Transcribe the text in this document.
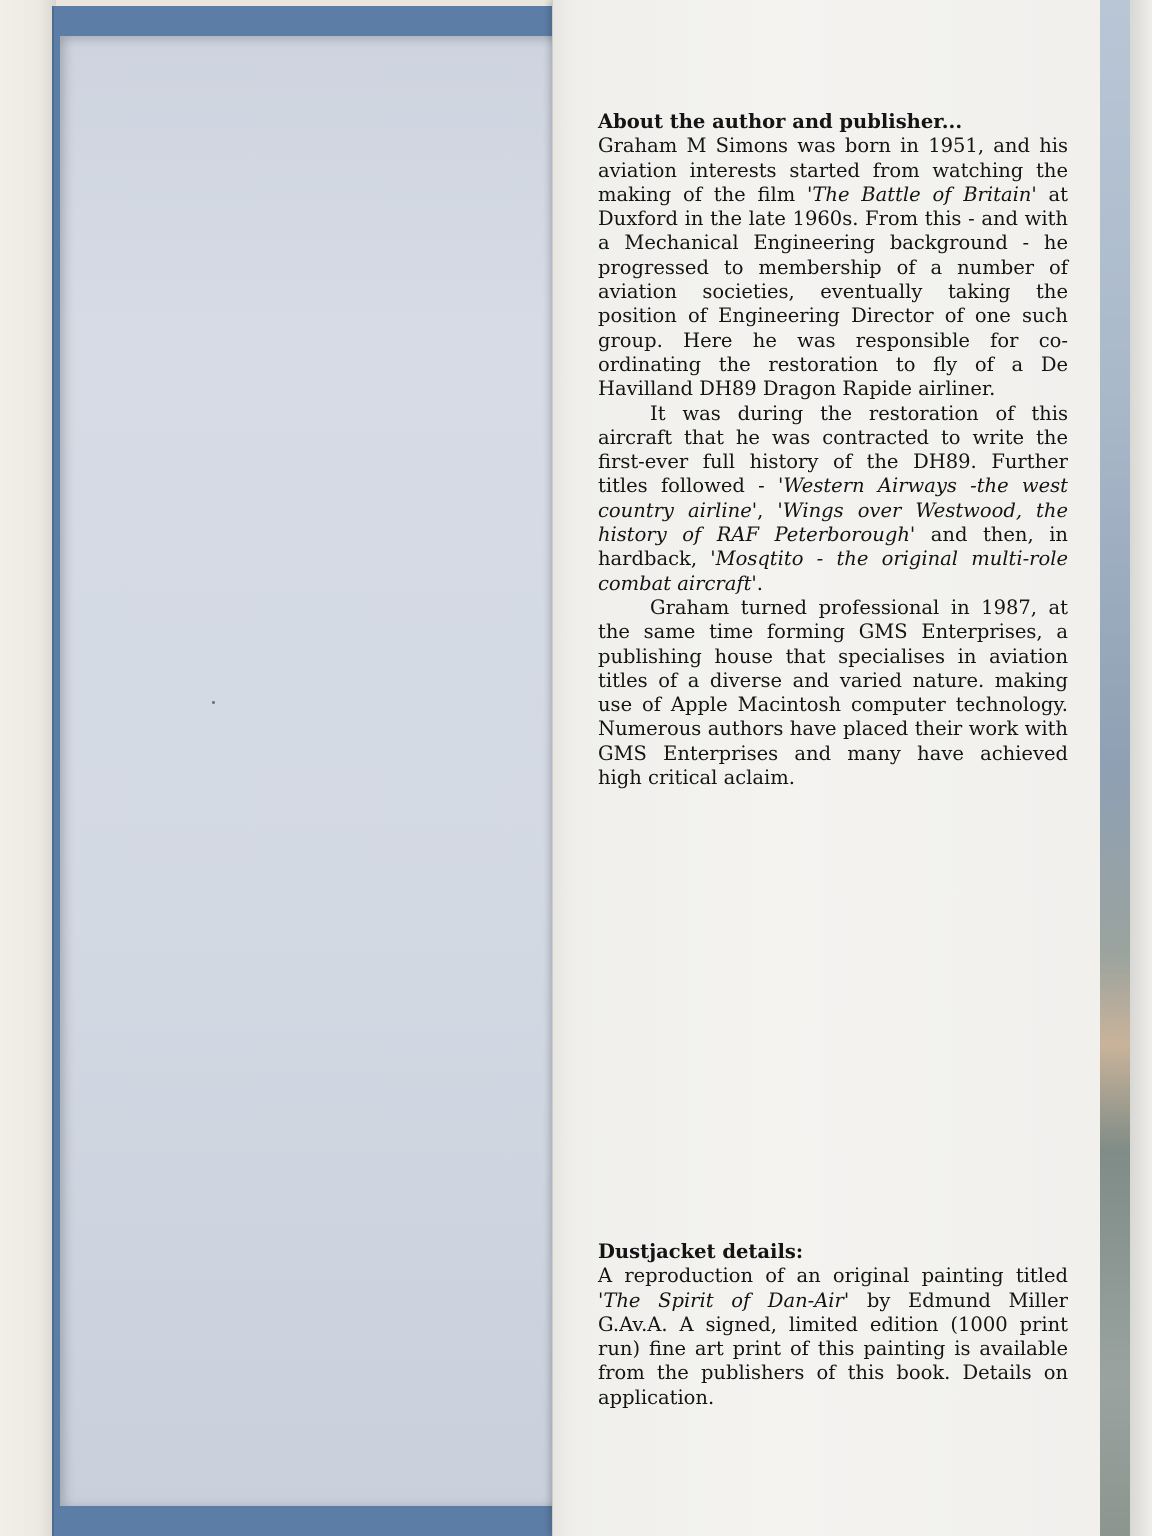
About the author and publisher...

Graham M Simons was born in 1951, and his aviation interests started from watching the making of the film 'The Battle of Britain' at Duxford in the late 1960s. From this - and with a Mechanical Engineering background - he progressed to membership of a number of aviation societies, eventually taking the position of Engineering Director of one such group. Here he was responsible for co-ordinating the restoration to fly of a De Havilland DH89 Dragon Rapide airliner.

It was during the restoration of this aircraft that he was contracted to write the first-ever full history of the DH89. Further titles followed - 'Western Airways -the west country airline', 'Wings over Westwood, the history of RAF Peterborough' and then, in hardback, 'Mosqtito - the original multi-role combat aircraft'.

Graham turned professional in 1987, at the same time forming GMS Enterprises, a publishing house that specialises in aviation titles of a diverse and varied nature. making use of Apple Macintosh computer technology. Numerous authors have placed their work with GMS Enterprises and many have achieved high critical aclaim.

Dustjacket details:

A reproduction of an original painting titled 'The Spirit of Dan-Air' by Edmund Miller G.Av.A. A signed, limited edition (1000 print run) fine art print of this painting is available from the publishers of this book. Details on application.
